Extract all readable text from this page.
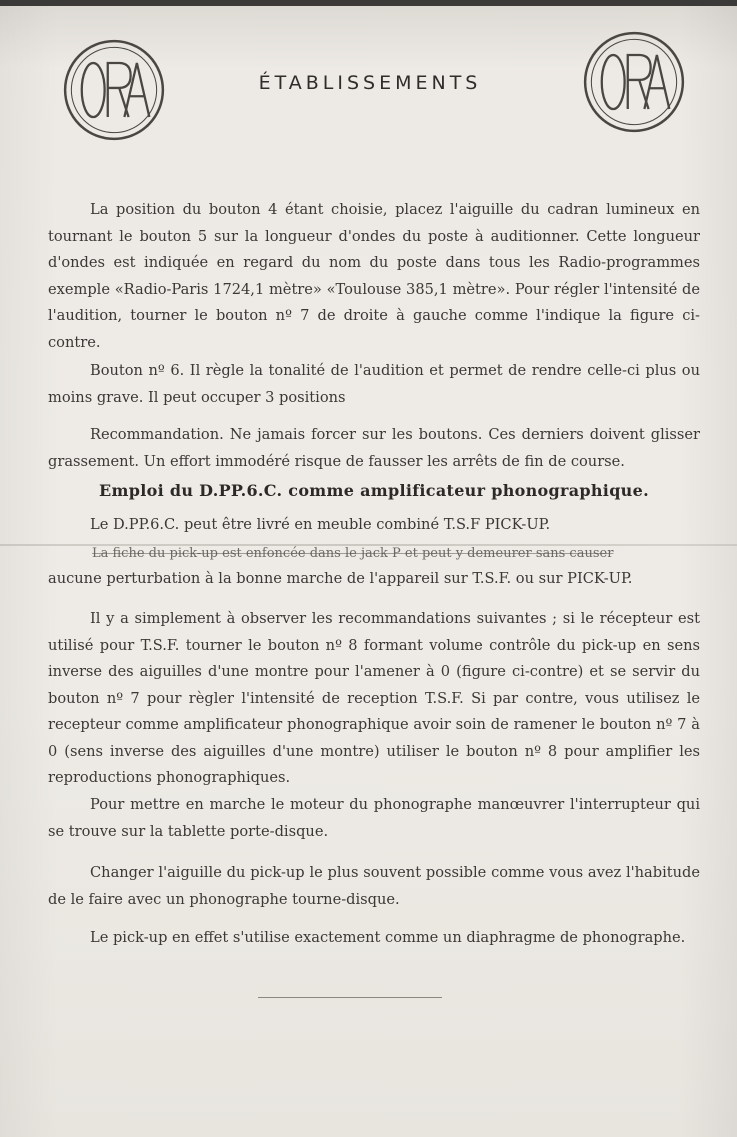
ÉTABLISSEMENTS
La position du bouton 4 étant choisie, placez l'aiguille du cadran lumineux en tournant le bouton 5 sur la longueur d'ondes du poste à auditionner. Cette longueur d'ondes est indiquée en regard du nom du poste dans tous les Radio-programmes exemple «Radio-Paris 1724,1 mètre» «Toulouse 385,1 mètre». Pour régler l'intensité de l'audition, tourner le bouton nº 7 de droite à gauche comme l'indique la figure ci-contre.
Bouton nº 6. Il règle la tonalité de l'audition et permet de rendre celle-ci plus ou moins grave. Il peut occuper 3 positions
Recommandation. Ne jamais forcer sur les boutons. Ces derniers doivent glisser grassement. Un effort immodéré risque de fausser les arrêts de fin de course.
Emploi du D.PP.6.C. comme amplificateur phonographique.
Le D.PP.6.C. peut être livré en meuble combiné T.S.F PICK-UP.
La fiche du pick-up est enfoncée dans le jack P et peut y demeurer sans causer
aucune perturbation à la bonne marche de l'appareil sur T.S.F. ou sur PICK-UP.
Il y a simplement à observer les recommandations suivantes ; si le récepteur est utilisé pour T.S.F. tourner le bouton nº 8 formant volume contrôle du pick-up en sens inverse des aiguilles d'une montre pour l'amener à 0 (figure ci-contre) et se servir du bouton nº 7 pour règler l'intensité de reception T.S.F. Si par contre, vous utilisez le recepteur comme amplificateur phonographique avoir soin de ramener le bouton nº 7 à 0 (sens inverse des aiguilles d'une montre) utiliser le bouton nº 8 pour amplifier les reproductions phonographiques.
Pour mettre en marche le moteur du phonographe manœuvrer l'interrupteur qui se trouve sur la tablette porte-disque.
Changer l'aiguille du pick-up le plus souvent possible comme vous avez l'habitude de le faire avec un phonographe tourne-disque.
Le pick-up en effet s'utilise exactement comme un diaphragme de phonographe.
